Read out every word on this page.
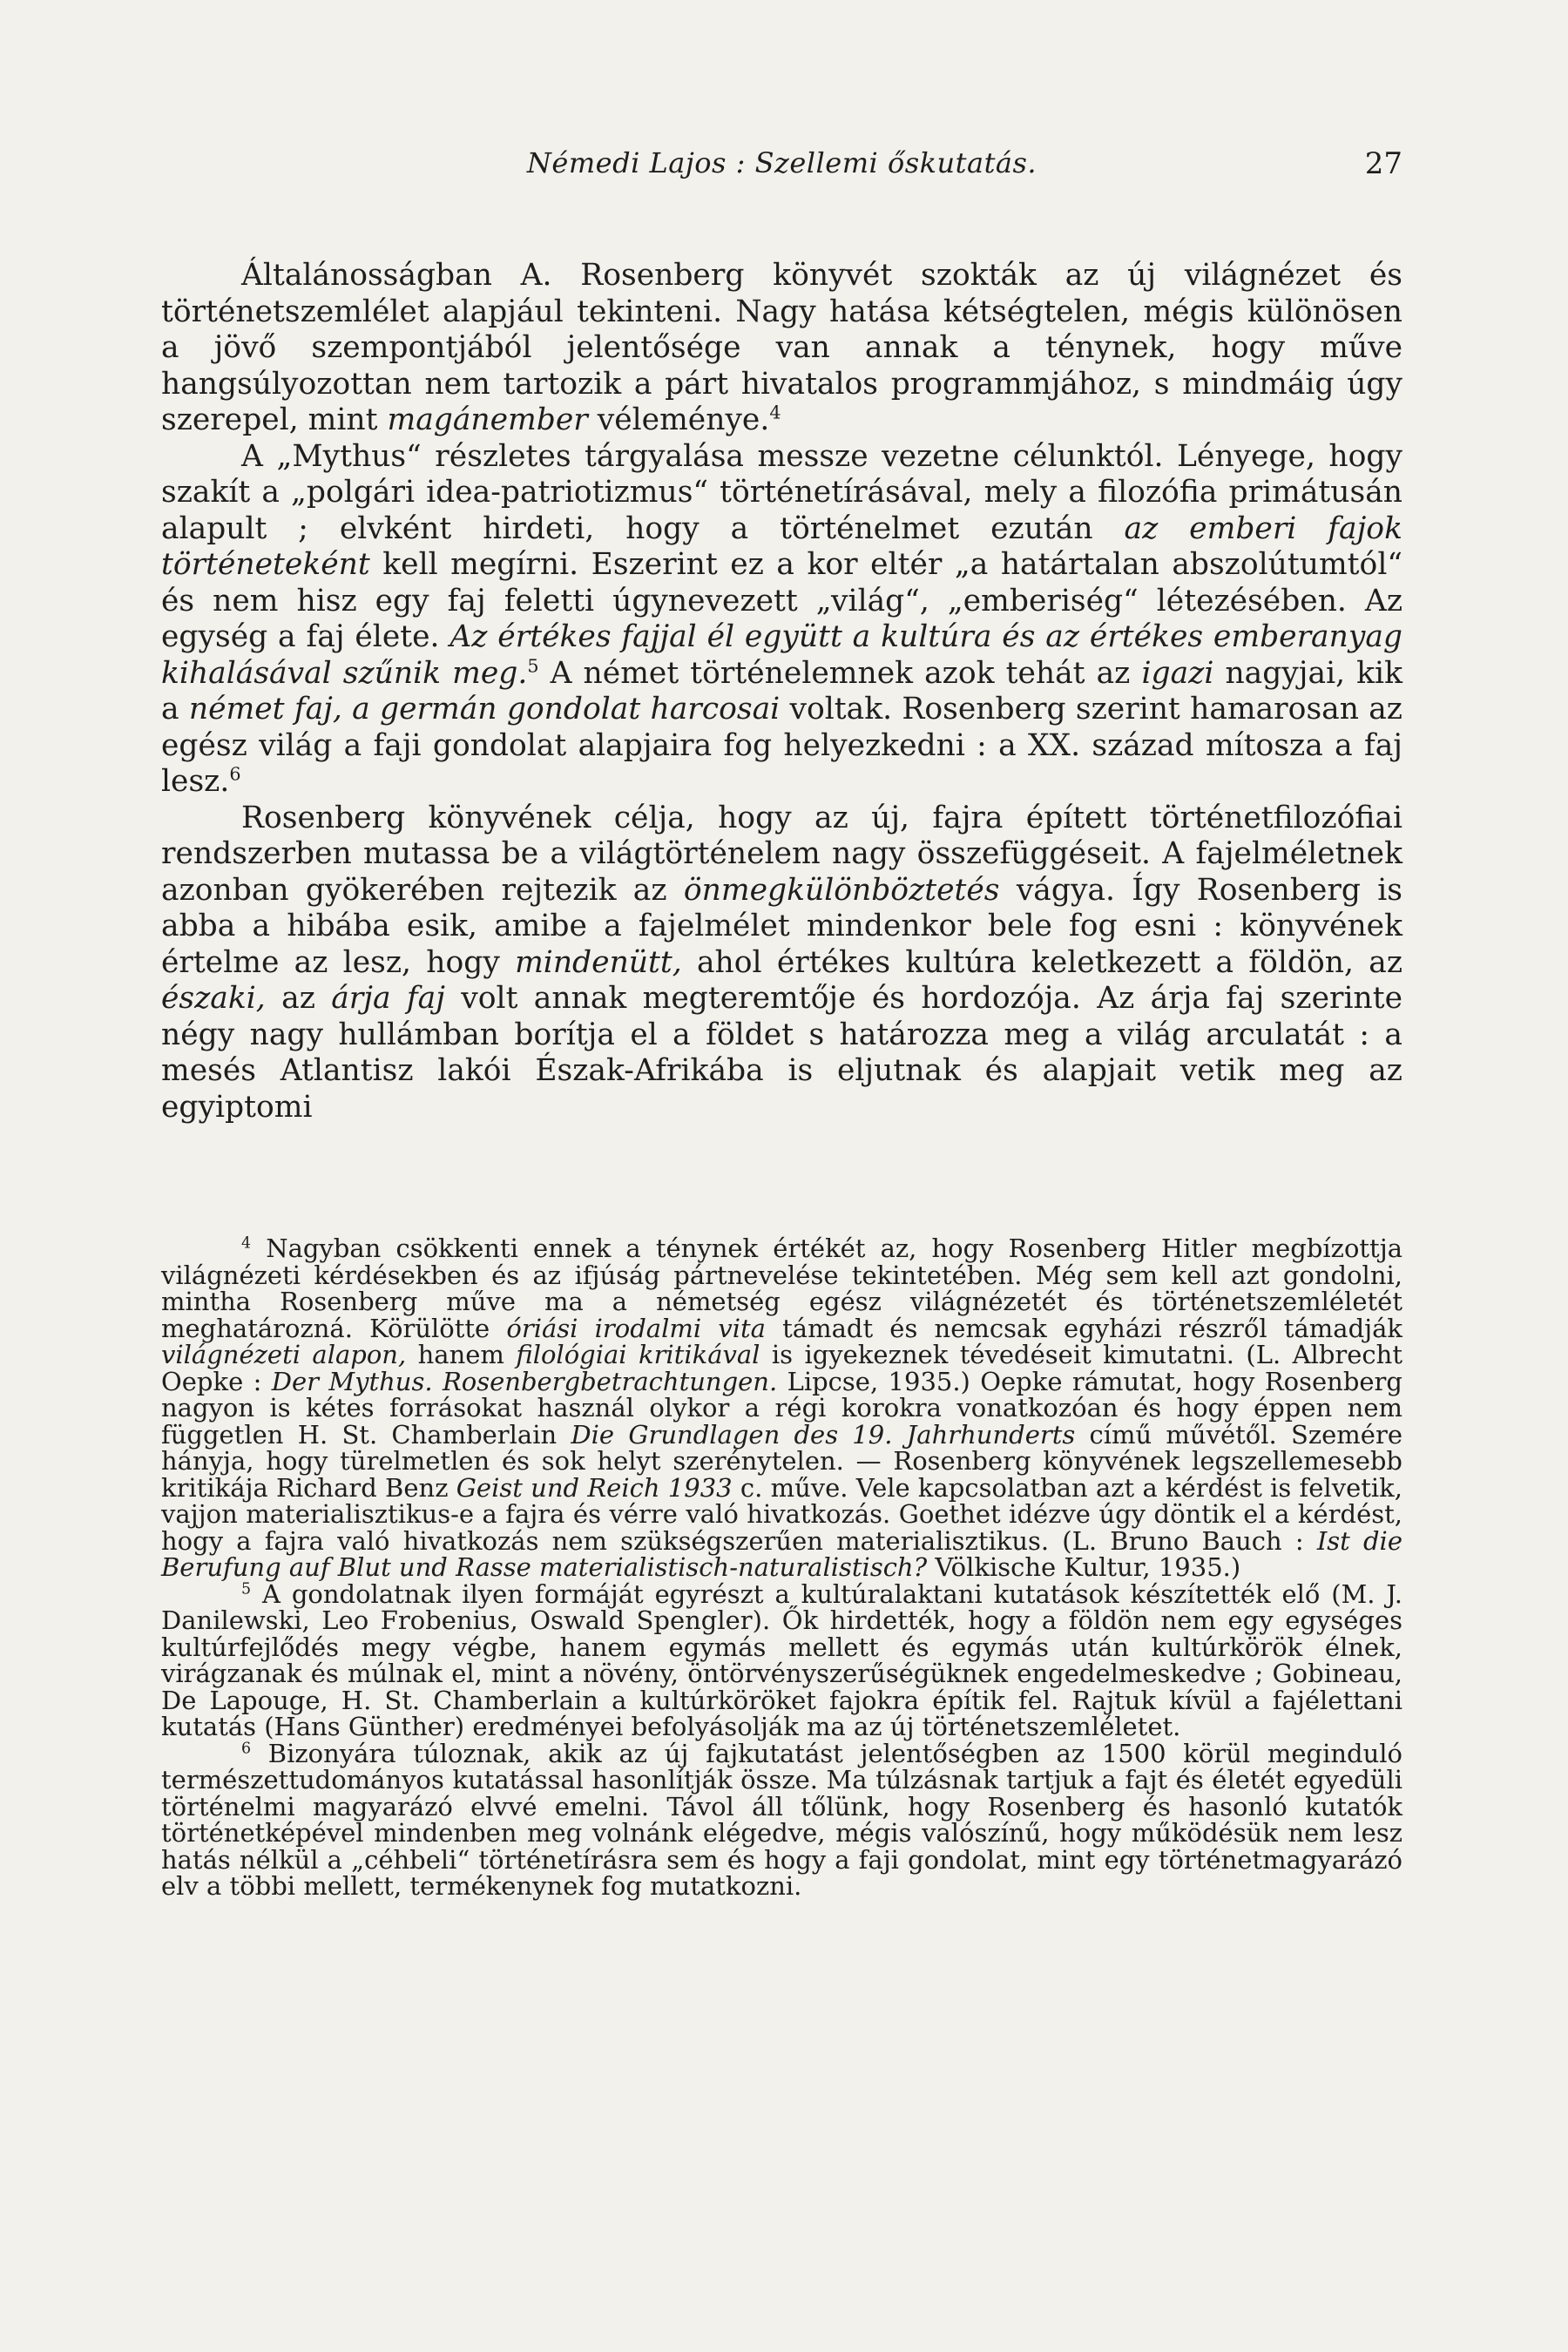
Némedi Lajos : Szellemi őskutatás.	27

Általánosságban A. Rosenberg könyvét szokták az új világnézet és történetszemlélet alapjául tekinteni. Nagy hatása kétségtelen, mégis különösen a jövő szempontjából jelentősége van annak a ténynek, hogy műve hangsúlyozottan nem tartozik a párt hivatalos programmjához, s mindmáig úgy szerepel, mint magánember véleménye.$^4$

A „Mythus“ részletes tárgyalása messze vezetne célunktól. Lényege, hogy szakít a „polgári idea-patriotizmus“ történetírásával, mely a filozófia primátusán alapult ; elvként hirdeti, hogy a történelmet ezután az emberi fajok történeteként kell megírni. Eszerint ez a kor eltér „a határtalan abszolútumtól“ és nem hisz egy faj feletti úgynevezett „világ“, „emberiség“ létezésében. Az egység a faj élete. Az értékes fajjal él együtt a kultúra és az értékes emberanyag kihalásával szűnik meg.$^5$ A német történelemnek azok tehát az igazi nagyjai, kik a német faj, a germán gondolat harcosai voltak. Rosenberg szerint hamarosan az egész világ a faji gondolat alapjaira fog helyezkedni : a XX. század mítosza a faj lesz.$^6$

Rosenberg könyvének célja, hogy az új, fajra épített történetfilozófiai rendszerben mutassa be a világtörténelem nagy összefüggéseit. A fajelméletnek azonban gyökerében rejtezik az önmegkülönböztetés vágya. Így Rosenberg is abba a hibába esik, amibe a fajelmélet mindenkor bele fog esni : könyvének értelme az lesz, hogy mindenütt, ahol értékes kultúra keletkezett a földön, az északi, az árja faj volt annak megteremtője és hordozója. Az árja faj szerinte négy nagy hullámban borítja el a földet s határozza meg a világ arculatát : a mesés Atlantisz lakói Észak-Afrikába is eljutnak és alapjait vetik meg az egyiptomi

$^4$ Nagyban csökkenti ennek a ténynek értékét az, hogy Rosenberg Hitler megbízottja világnézeti kérdésekben és az ifjúság pártnevelése tekintetében. Még sem kell azt gondolni, mintha Rosenberg műve ma a németség egész világnézetét és történetszemléletét meghatározná. Körülötte óriási irodalmi vita támadt és nemcsak egyházi részről támadják világnézeti alapon, hanem filológiai kritikával is igyekeznek tévedéseit kimutatni. (L. Albrecht Oepke : Der Mythus. Rosenbergbetrachtungen. Lipcse, 1935.) Oepke rámutat, hogy Rosenberg nagyon is kétes forrásokat használ olykor a régi korokra vonatkozóan és hogy éppen nem független H. St. Chamberlain Die Grundlagen des 19. Jahrhunderts című művétől. Szemére hányja, hogy türelmetlen és sok helyt szerénytelen. — Rosenberg könyvének legszellemesebb kritikája Richard Benz Geist und Reich 1933 c. műve. Vele kapcsolatban azt a kérdést is felvetik, vajjon materialisztikus-e a fajra és vérre való hivatkozás. Goethet idézve úgy döntik el a kérdést, hogy a fajra való hivatkozás nem szükségszerűen materialisztikus. (L. Bruno Bauch : Ist die Berufung auf Blut und Rasse materialistisch-naturalistisch? Völkische Kultur, 1935.)

$^5$ A gondolatnak ilyen formáját egyrészt a kultúralaktani kutatások készítették elő (M. J. Danilewski, Leo Frobenius, Oswald Spengler). Ők hirdették, hogy a földön nem egy egységes kultúrfejlődés megy végbe, hanem egymás mellett és egymás után kultúrkörök élnek, virágzanak és múlnak el, mint a növény, öntörvényszerűségüknek engedelmeskedve ; Gobineau, De Lapouge, H. St. Chamberlain a kultúrköröket fajokra építik fel. Rajtuk kívül a fajélettani kutatás (Hans Günther) eredményei befolyásolják ma az új történetszemléletet.

$^6$ Bizonyára túloznak, akik az új fajkutatást jelentőségben az 1500 körül meginduló természettudományos kutatással hasonlítják össze. Ma túlzásnak tartjuk a fajt és életét egyedüli történelmi magyarázó elvvé emelni. Távol áll tőlünk, hogy Rosenberg és hasonló kutatók történetképével mindenben meg volnánk elégedve, mégis valószínű, hogy működésük nem lesz hatás nélkül a „céhbeli“ történetírásra sem és hogy a faji gondolat, mint egy történetmagyarázó elv a többi mellett, termékenynek fog mutatkozni.
